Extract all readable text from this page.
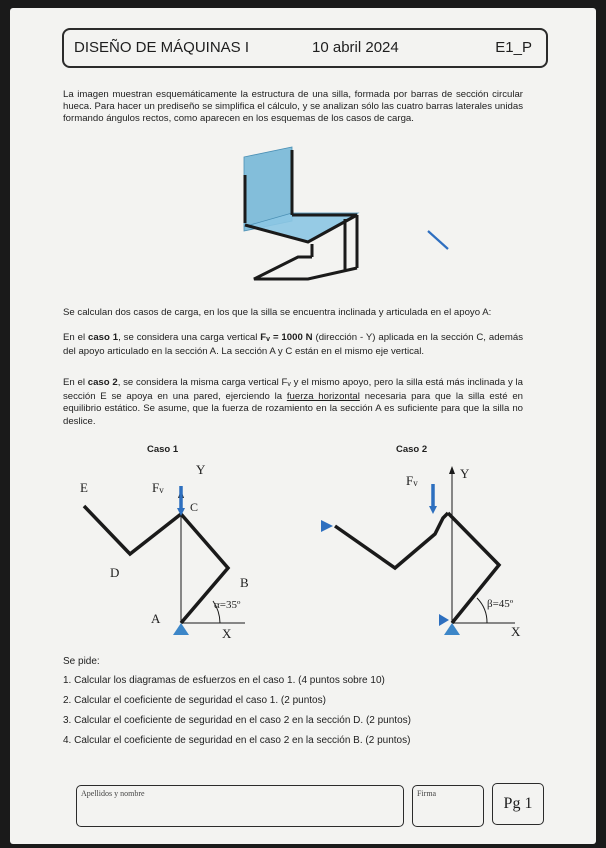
DISEÑO DE MÁQUINAS I	10 abril 2024	E1_P

La imagen muestran esquemáticamente la estructura de una silla, formada por barras de sección circular hueca. Para hacer un prediseño se simplifica el cálculo, y se analizan sólo las cuatro barras laterales unidas formando ángulos rectos, como aparecen en los esquemas de los casos de carga.

Se calculan dos casos de carga, en los que la silla se encuentra inclinada y articulada en el apoyo A:

En el caso 1, se considera una carga vertical Fv = 1000 N (dirección - Y) aplicada en la sección C, además del apoyo articulado en la sección A. La sección A y C están en el mismo eje vertical.

En el caso 2, se considera la misma carga vertical Fv y el mismo apoyo, pero la silla está más inclinada y la sección E se apoya en una pared, ejerciendo la fuerza horizontal necesaria para que la silla esté en equilibrio estático. Se asume, que la fuerza de rozamiento en la sección A es suficiente para que la silla no deslice.

Caso 1
E	Fv
Y
C
D
B
A
α=35º
X
Caso 2
Fv
Y
β=45º
X
Se pide:
1. Calcular los diagramas de esfuerzos en el caso 1. (4 puntos sobre 10)
2. Calcular el coeficiente de seguridad el caso 1. (2 puntos)
3. Calcular el coeficiente de seguridad en el caso 2 en la sección D. (2 puntos)
4. Calcular el coeficiente de seguridad en el caso 2 en la sección B. (2 puntos)
Apellidos y nombre	Firma
Pg 1
